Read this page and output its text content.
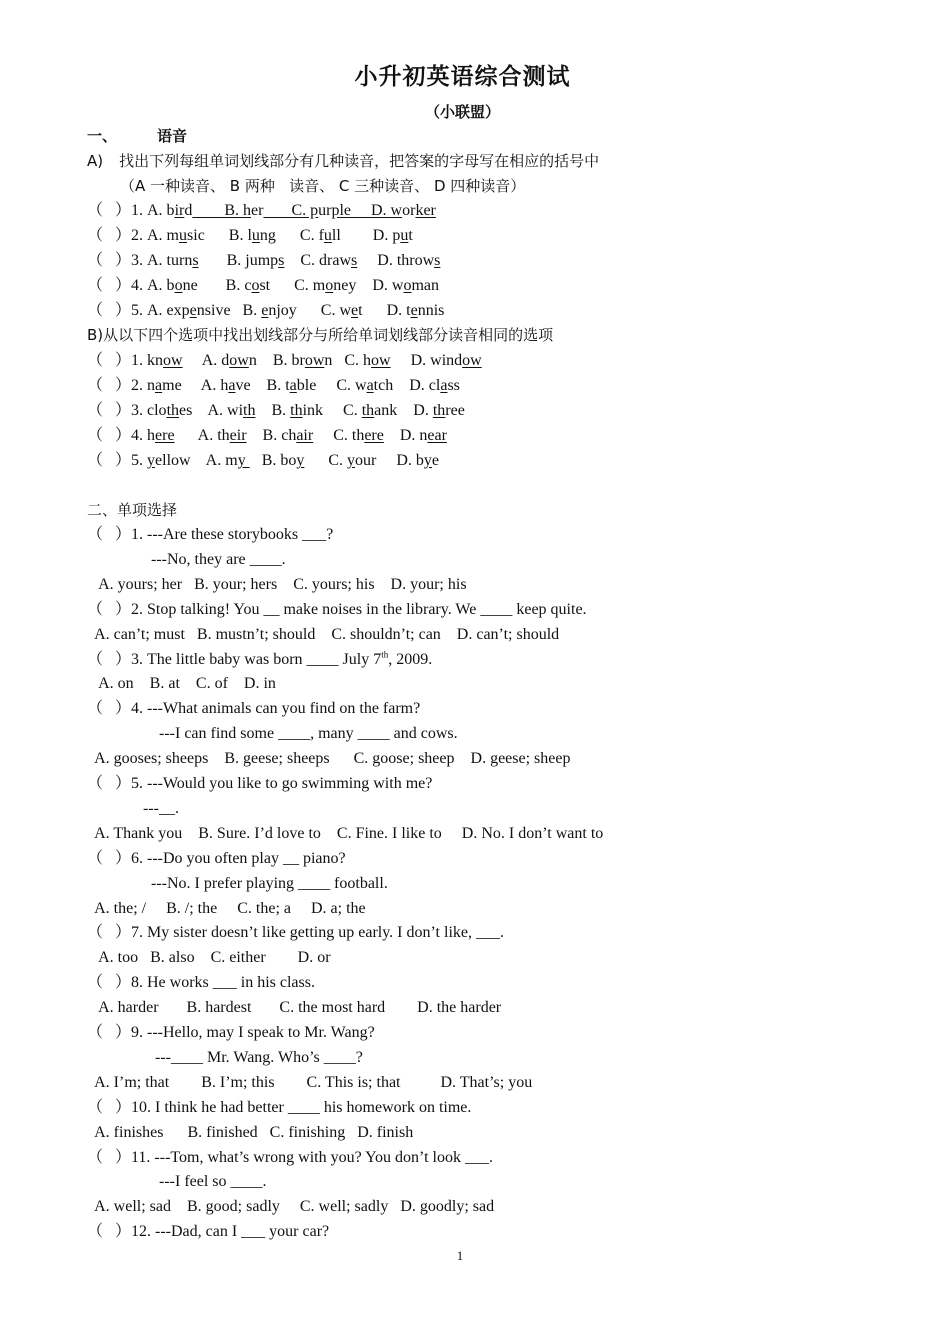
小升初英语综合测试
（小联盟）
一、	语音
A) 找出下列每组单词划线部分有几种读音，把答案的字母写在相应的括号中
（A 一种读音、 B 两种   读音、 C 三种读音、 D 四种读音）
（   ）1. A. bird        B. her       C. purple     D. worker
（   ）2. A. music      B. lung      C. full        D. put
（   ）3. A. turns       B. jumps    C. draws     D. throws
（   ）4. A. bone       B. cost      C. money    D. woman
（   ）5. A. expensive   B. enjoy      C. wet      D. tennis
B)从以下四个选项中找出划线部分与所给单词划线部分读音相同的选项
（   ）1. know     A. down    B. brown   C. how     D. window
（   ）2. name     A. have    B. table     C. watch    D. class
（   ）3. clothes    A. with    B. think     C. thank    D. three
（   ）4. here      A. their    B. chair     C. there    D. near
（   ）5. yellow    A. my    B. boy      C. your     D. bye
二、单项选择
（   ）1. ---Are these storybooks ___?
---No, they are ____.
A. yours; her   B. your; hers    C. yours; his    D. your; his
（   ）2. Stop talking! You __ make noises in the library. We ____ keep quite.
A. can’t; must   B. mustn’t; should    C. shouldn’t; can    D. can’t; should
（   ）3. The little baby was born ____ July 7th, 2009.
A. on    B. at    C. of    D. in
（   ）4. ---What animals can you find on the farm?
---I can find some ____, many ____ and cows.
A. gooses; sheeps    B. geese; sheeps      C. goose; sheep    D. geese; sheep
（   ）5. ---Would you like to go swimming with me?
---__.
A. Thank you    B. Sure. I’d love to    C. Fine. I like to     D. No. I don’t want to
（   ）6. ---Do you often play __ piano?
---No. I prefer playing ____ football.
A. the; /     B. /; the     C. the; a     D. a; the
（   ）7. My sister doesn’t like getting up early. I don’t like, ___.
A. too   B. also    C. either        D. or
（   ）8. He works ___ in his class.
A. harder       B. hardest       C. the most hard        D. the harder
（   ）9. ---Hello, may I speak to Mr. Wang?
---____ Mr. Wang. Who’s ____?
A. I’m; that        B. I’m; this        C. This is; that          D. That’s; you
（   ）10. I think he had better ____ his homework on time.
A. finishes      B. finished   C. finishing   D. finish
（   ）11. ---Tom, what’s wrong with you? You don’t look ___.
---I feel so ____.
A. well; sad    B. good; sadly     C. well; sadly   D. goodly; sad
（   ）12. ---Dad, can I ___ your car?
1
